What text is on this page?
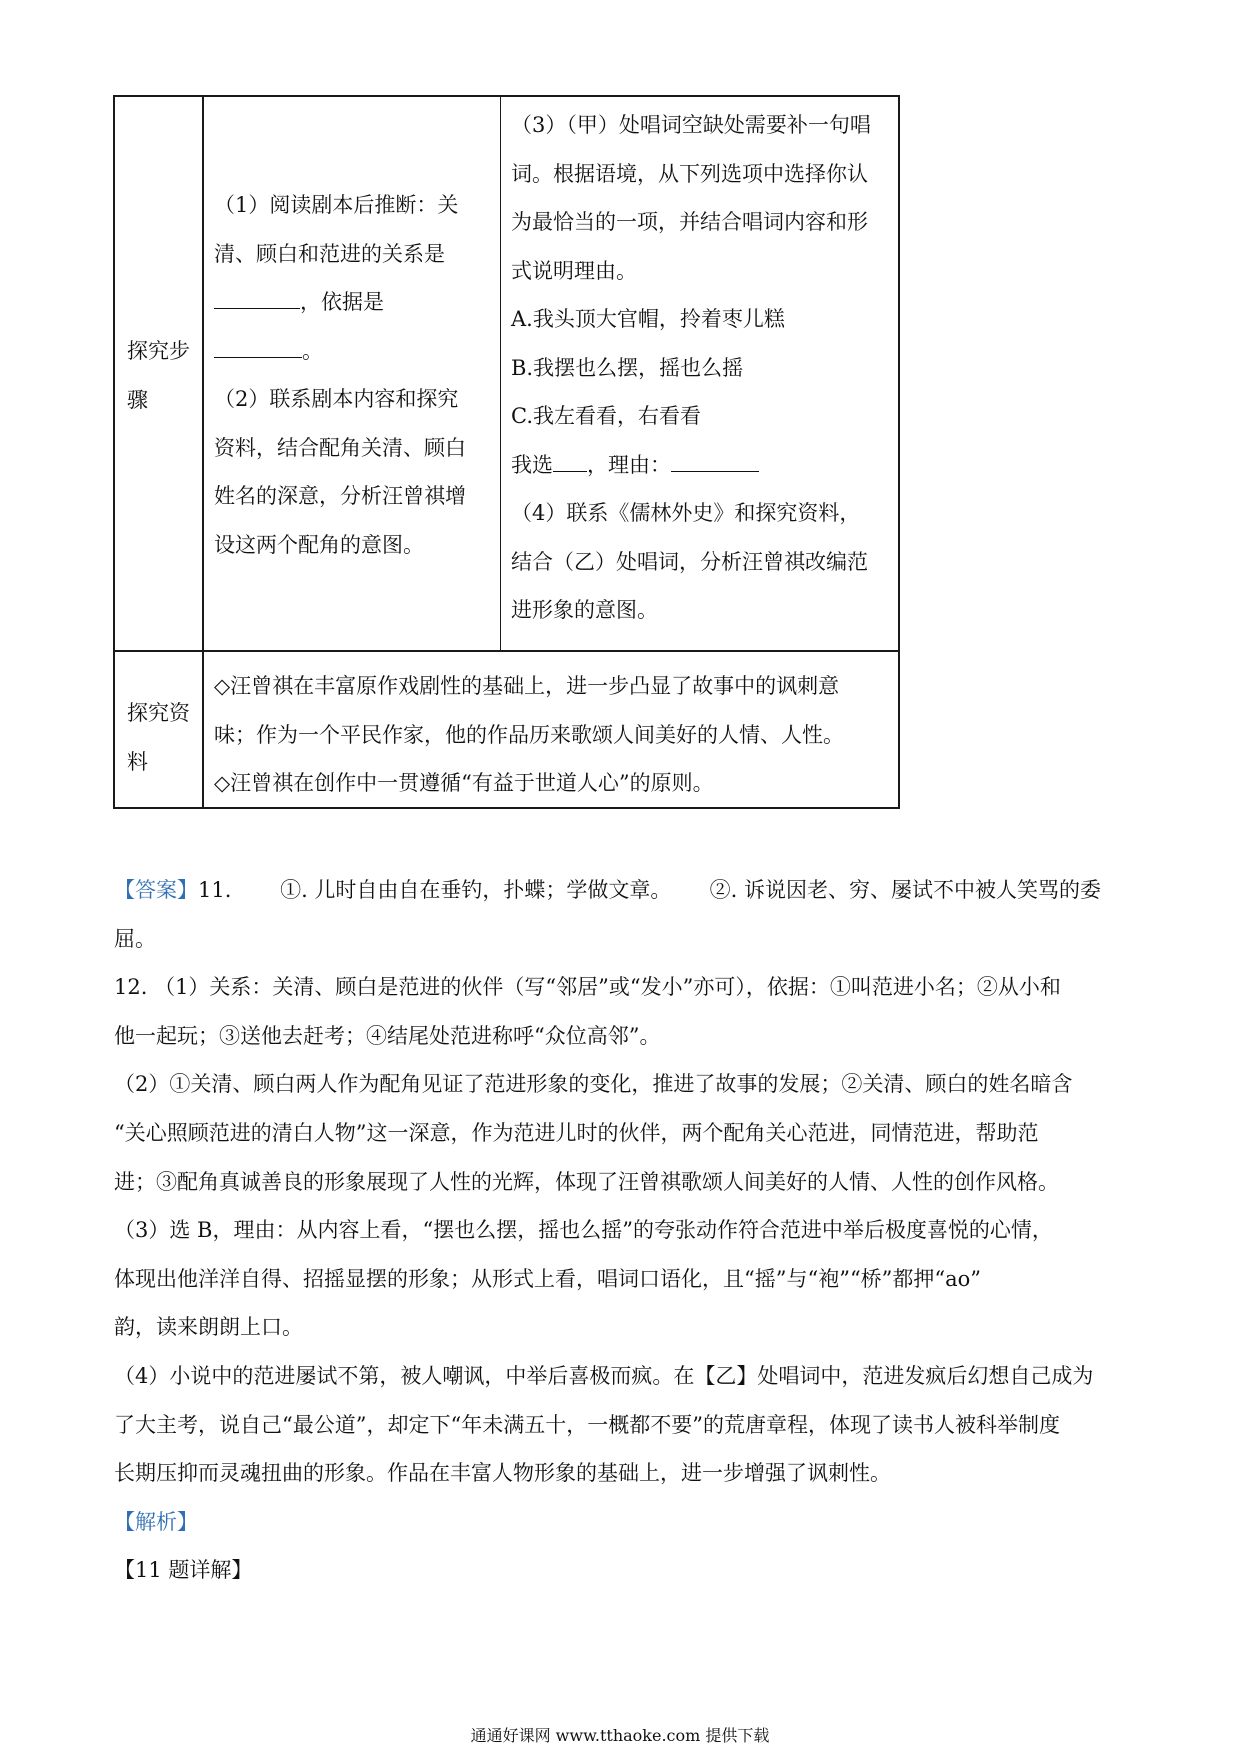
探究步骤
（1）阅读剧本后推断：关
清、顾白和范进的关系是
，依据是
。
（2）联系剧本内容和探究
资料，结合配角关清、顾白
姓名的深意，分析汪曾祺增
设这两个配角的意图。
（3）（甲）处唱词空缺处需要补一句唱
词。根据语境，从下列选项中选择你认
为最恰当的一项，并结合唱词内容和形
式说明理由。
A.我头顶大官帽，拎着枣儿糕
B.我摆也么摆，摇也么摇
C.我左看看，右看看
我选 ，理由：
（4）联系《儒林外史》和探究资料，
结合（乙）处唱词，分析汪曾祺改编范
进形象的意图。
探究资料
◇汪曾祺在丰富原作戏剧性的基础上，进一步凸显了故事中的讽刺意
味；作为一个平民作家，他的作品历来歌颂人间美好的人情、人性。
◇汪曾祺在创作中一贯遵循“有益于世道人心”的原则。
【答案】11. 　　①. 儿时自由自在垂钓，扑蝶；学做文章。　　 ②. 诉说因老、穷、屡试不中被人笑骂的委
屈。
12. （1）关系：关清、顾白是范进的伙伴（写“邻居”或“发小”亦可），依据：①叫范进小名；②从小和
他一起玩；③送他去赶考；④结尾处范进称呼“众位高邻”。
（2）①关清、顾白两人作为配角见证了范进形象的变化，推进了故事的发展；②关清、顾白的姓名暗含
“关心照顾范进的清白人物”这一深意，作为范进儿时的伙伴，两个配角关心范进，同情范进，帮助范
进；③配角真诚善良的形象展现了人性的光辉，体现了汪曾祺歌颂人间美好的人情、人性的创作风格。
（3）选 B，理由：从内容上看，“摆也么摆，摇也么摇”的夸张动作符合范进中举后极度喜悦的心情，
体现出他洋洋自得、招摇显摆的形象；从形式上看，唱词口语化，且“摇”与“袍”“桥”都押“ao”
韵，读来朗朗上口。
（4）小说中的范进屡试不第，被人嘲讽，中举后喜极而疯。在【乙】处唱词中，范进发疯后幻想自己成为
了大主考，说自己“最公道”，却定下“年未满五十，一概都不要”的荒唐章程，体现了读书人被科举制度
长期压抑而灵魂扭曲的形象。作品在丰富人物形象的基础上，进一步增强了讽刺性。
【解析】
【11 题详解】
通通好课网 www.tthaoke.com 提供下载
